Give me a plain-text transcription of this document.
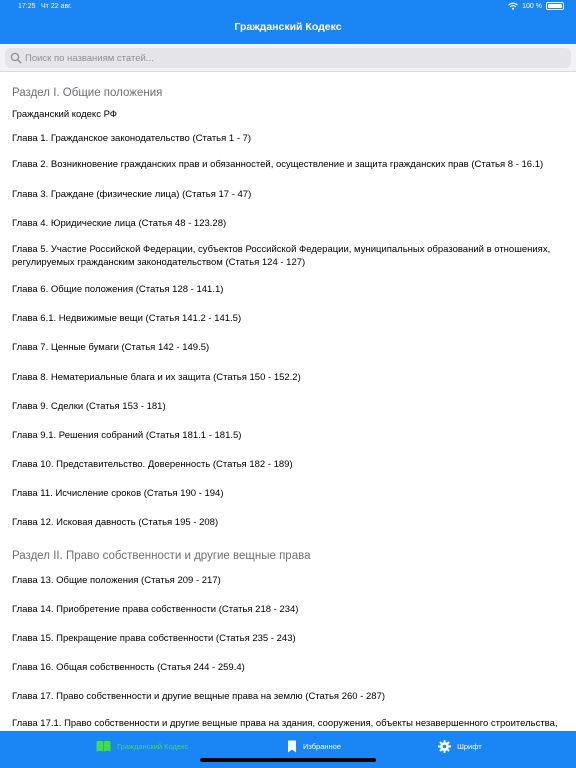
17:25 Чт 22 авг.	100 %
Гражданский Кодекс
Поиск по названиям статей...
Раздел I. Общие положения
Гражданский кодекс РФ
Глава 1. Гражданское законодательство (Статья 1 - 7)
Глава 2. Возникновение гражданских прав и обязанностей, осуществление и защита гражданских прав (Статья 8 - 16.1)
Глава 3. Граждане (физические лица) (Статья 17 - 47)
Глава 4. Юридические лица (Статья 48 - 123.28)
Глава 5. Участие Российской Федерации, субъектов Российской Федерации, муниципальных образований в отношениях, регулируемых гражданским законодательством (Статья 124 - 127)
Глава 6. Общие положения (Статья 128 - 141.1)
Глава 6.1. Недвижимые вещи (Статья 141.2 - 141.5)
Глава 7. Ценные бумаги (Статья 142 - 149.5)
Глава 8. Нематериальные блага и их защита (Статья 150 - 152.2)
Глава 9. Сделки (Статья 153 - 181)
Глава 9.1. Решения собраний (Статья 181.1 - 181.5)
Глава 10. Представительство. Доверенность (Статья 182 - 189)
Глава 11. Исчисление сроков (Статья 190 - 194)
Глава 12. Исковая давность (Статья 195 - 208)
Раздел II. Право собственности и другие вещные права
Глава 13. Общие положения (Статья 209 - 217)
Глава 14. Приобретение права собственности (Статья 218 - 234)
Глава 15. Прекращение права собственности (Статья 235 - 243)
Глава 16. Общая собственность (Статья 244 - 259.4)
Глава 17. Право собственности и другие вещные права на землю (Статья 260 - 287)
Глава 17.1. Право собственности и другие вещные права на здания, сооружения, объекты незавершенного строительства,
Гражданский Кодекс	Избранное	Шрифт
